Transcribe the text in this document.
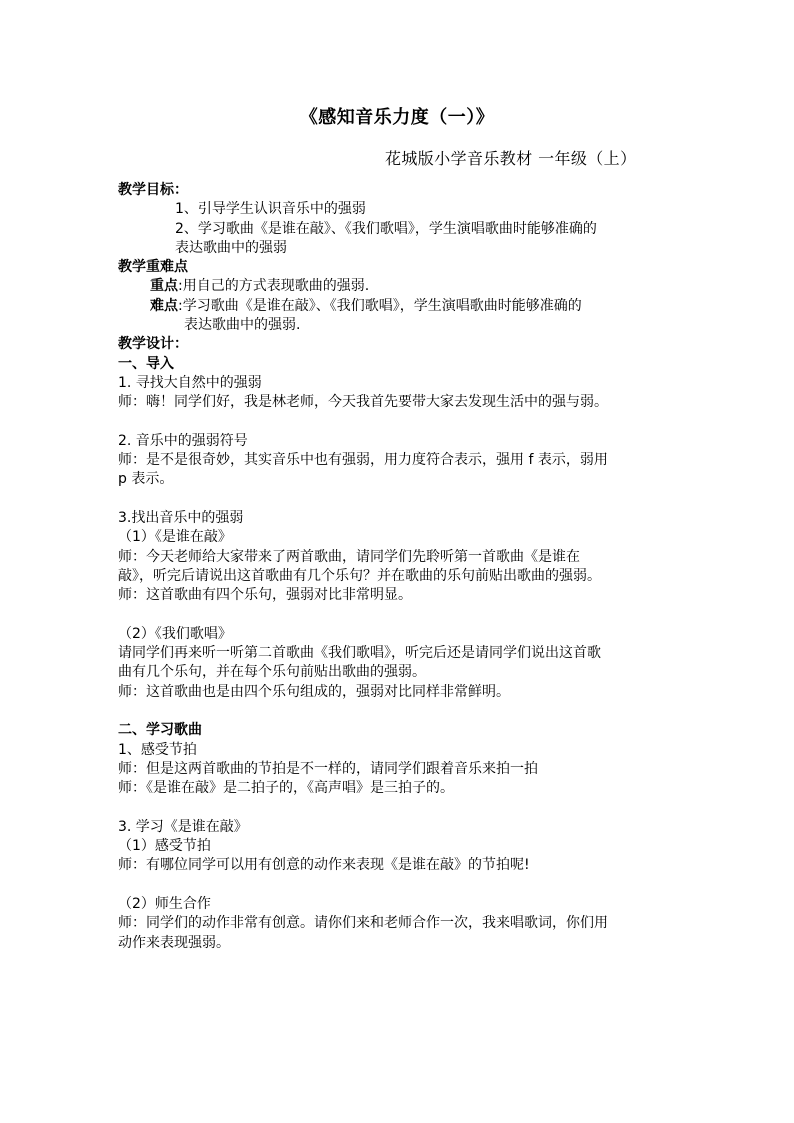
《感知音乐力度（一）》
花城版小学音乐教材 一年级（上）

教学目标：

1、引导学生认识音乐中的强弱

2、学习歌曲《是谁在敲》、《我们歌唱》，学生演唱歌曲时能够准确的

表达歌曲中的强弱

教学重难点

重点:用自己的方式表现歌曲的强弱.

难点:学习歌曲《是谁在敲》、《我们歌唱》，学生演唱歌曲时能够准确的

表达歌曲中的强弱.

教学设计：

一、导入

1. 寻找大自然中的强弱

师：嗨！同学们好，我是林老师，今天我首先要带大家去发现生活中的强与弱。

2. 音乐中的强弱符号

师：是不是很奇妙，其实音乐中也有强弱，用力度符合表示，强用 f 表示，弱用

p 表示。

3.找出音乐中的强弱

（1）《是谁在敲》

师：今天老师给大家带来了两首歌曲，请同学们先聆听第一首歌曲《是谁在

敲》，听完后请说出这首歌曲有几个乐句？并在歌曲的乐句前贴出歌曲的强弱。

师：这首歌曲有四个乐句，强弱对比非常明显。

（2）《我们歌唱》

请同学们再来听一听第二首歌曲《我们歌唱》，听完后还是请同学们说出这首歌

曲有几个乐句，并在每个乐句前贴出歌曲的强弱。

师：这首歌曲也是由四个乐句组成的，强弱对比同样非常鲜明。

二、学习歌曲

1、感受节拍

师：但是这两首歌曲的节拍是不一样的，请同学们跟着音乐来拍一拍

师：《是谁在敲》是二拍子的，《高声唱》是三拍子的。

3. 学习《是谁在敲》

（1）感受节拍

师：有哪位同学可以用有创意的动作来表现《是谁在敲》的节拍呢!

（2）师生合作

师：同学们的动作非常有创意。请你们来和老师合作一次，我来唱歌词，你们用

动作来表现强弱。
